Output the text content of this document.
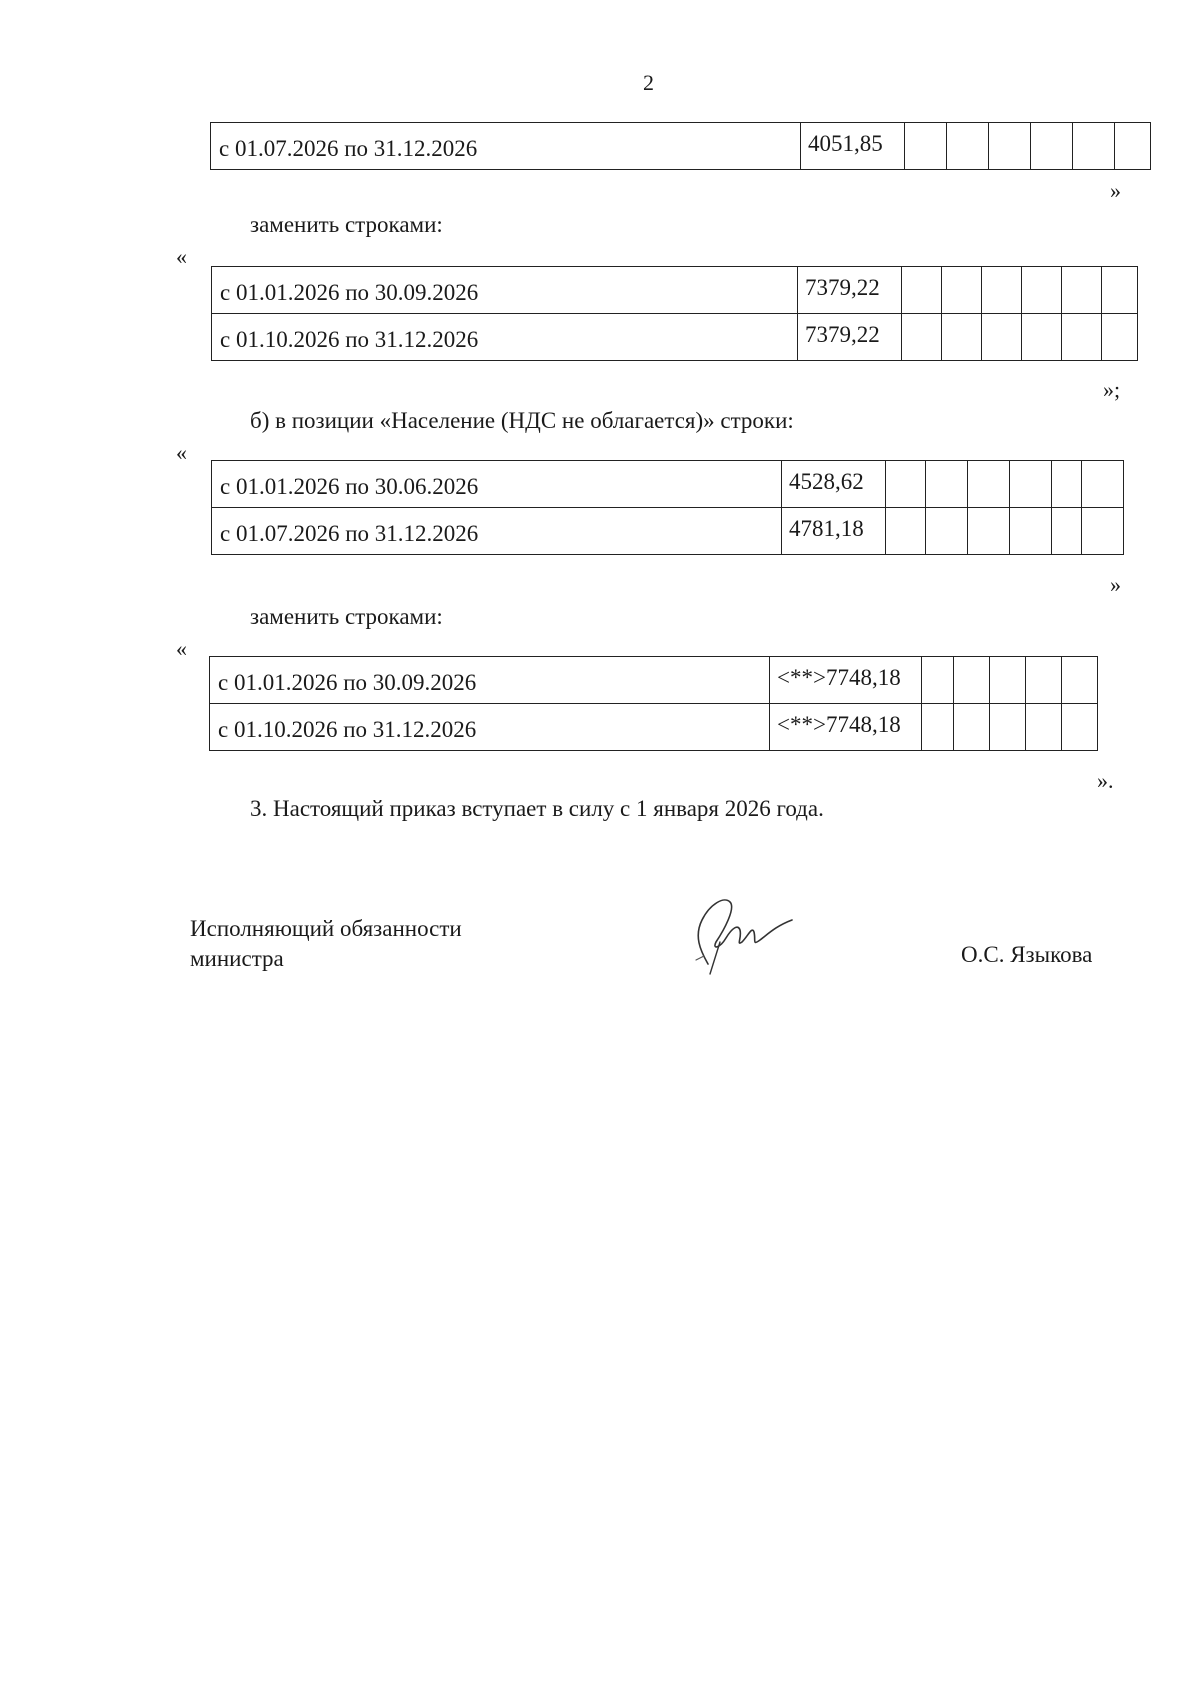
2
с 01.07.2026 по 31.12.2026	4051,85						
»
заменить строками:
«
с 01.01.2026 по 30.09.2026	7379,22						
с 01.10.2026 по 31.12.2026	7379,22						
»;
б) в позиции «Население (НДС не облагается)» строки:
«
с 01.01.2026 по 30.06.2026	4528,62						
с 01.07.2026 по 31.12.2026	4781,18						
»
заменить строками:
«
с 01.01.2026 по 30.09.2026	<**>7748,18					
с 01.10.2026 по 31.12.2026	<**>7748,18					
».
3. Настоящий приказ вступает в силу с 1 января 2026 года.
Исполняющий обязанности
министра	О.С. Языкова
